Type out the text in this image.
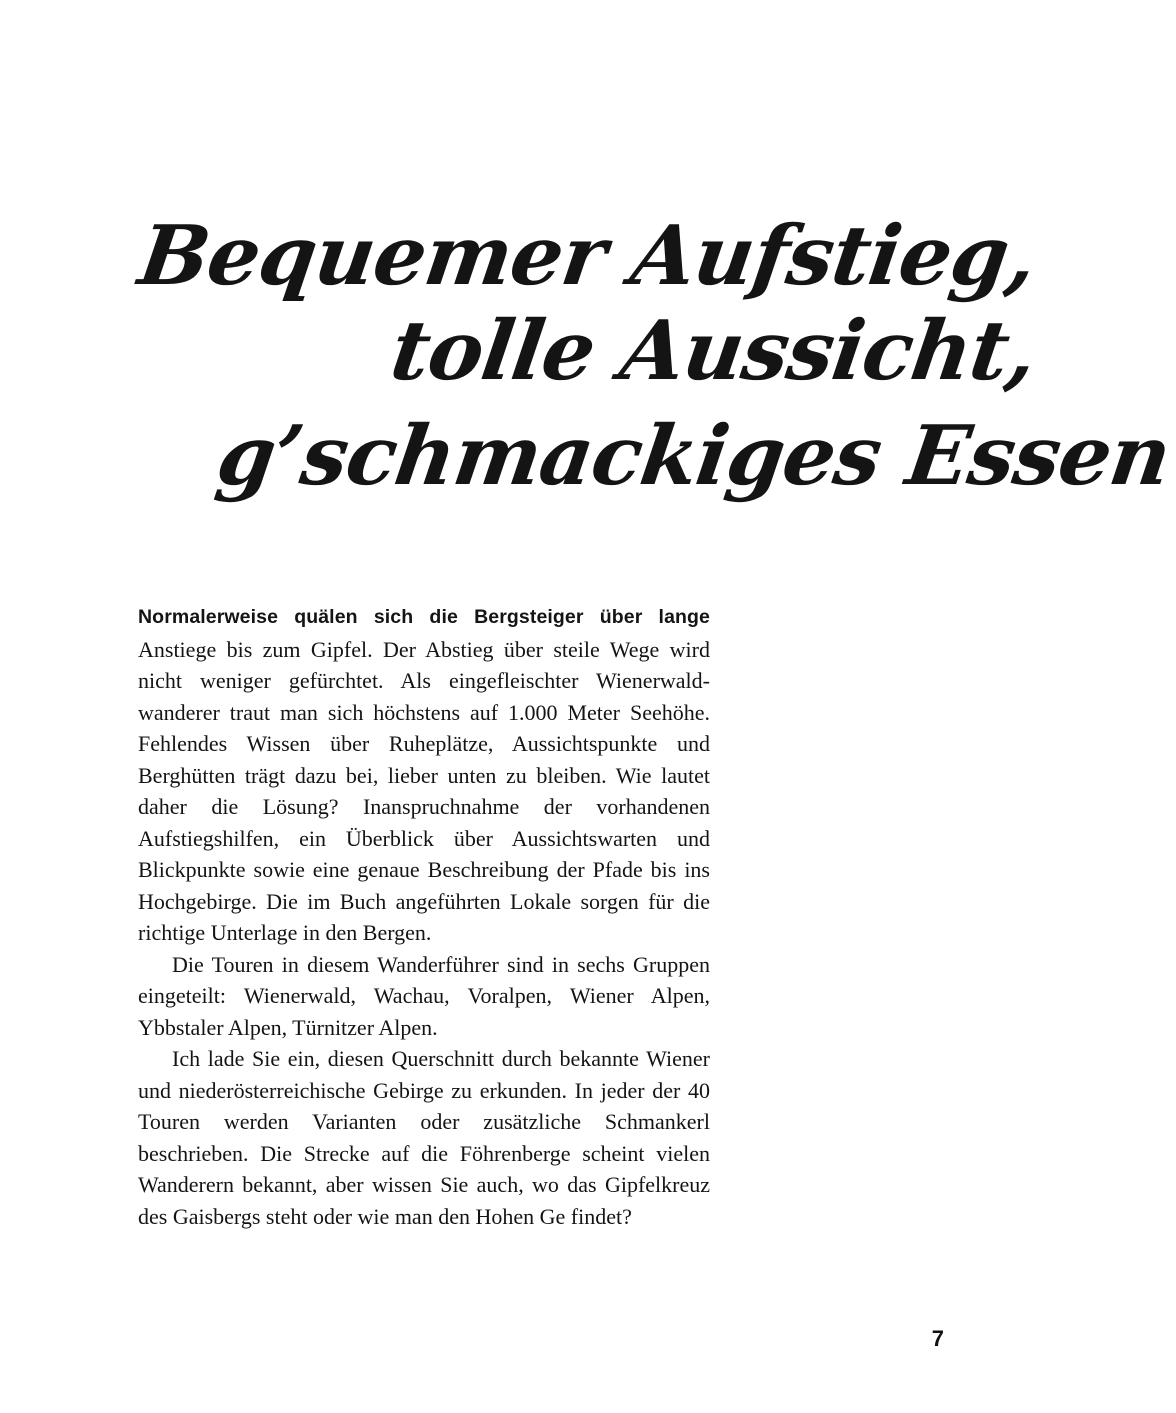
Bequemer Aufstieg,
tolle Aussicht,
g’schmackiges Essen

Normalerweise quälen sich die Bergsteiger über lange Anstiege bis zum Gipfel. Der Abstieg über steile Wege wird nicht weniger gefürchtet. Als eingefleischter Wienerwaldwanderer traut man sich höchstens auf 1.000 Meter Seehöhe. Fehlendes Wissen über Ruheplätze, Aussichtspunkte und Berghütten trägt dazu bei, lieber unten zu bleiben. Wie lautet daher die Lösung? Inanspruchnahme der vorhandenen Aufstiegshilfen, ein Überblick über Aussichtswarten und Blickpunkte sowie eine genaue Beschreibung der Pfade bis ins Hochgebirge. Die im Buch angeführten Lokale sorgen für die richtige Unterlage in den Bergen.

Die Touren in diesem Wanderführer sind in sechs Gruppen eingeteilt: Wienerwald, Wachau, Voralpen, Wiener Alpen, Ybbstaler Alpen, Türnitzer Alpen.

Ich lade Sie ein, diesen Querschnitt durch bekannte Wiener und niederösterreichische Gebirge zu erkunden. In jeder der 40 Touren werden Varianten oder zusätzliche Schmankerl beschrieben. Die Strecke auf die Föhrenberge scheint vielen Wanderern bekannt, aber wissen Sie auch, wo das Gipfelkreuz des Gaisbergs steht oder wie man den Hohen Ge findet?

7
